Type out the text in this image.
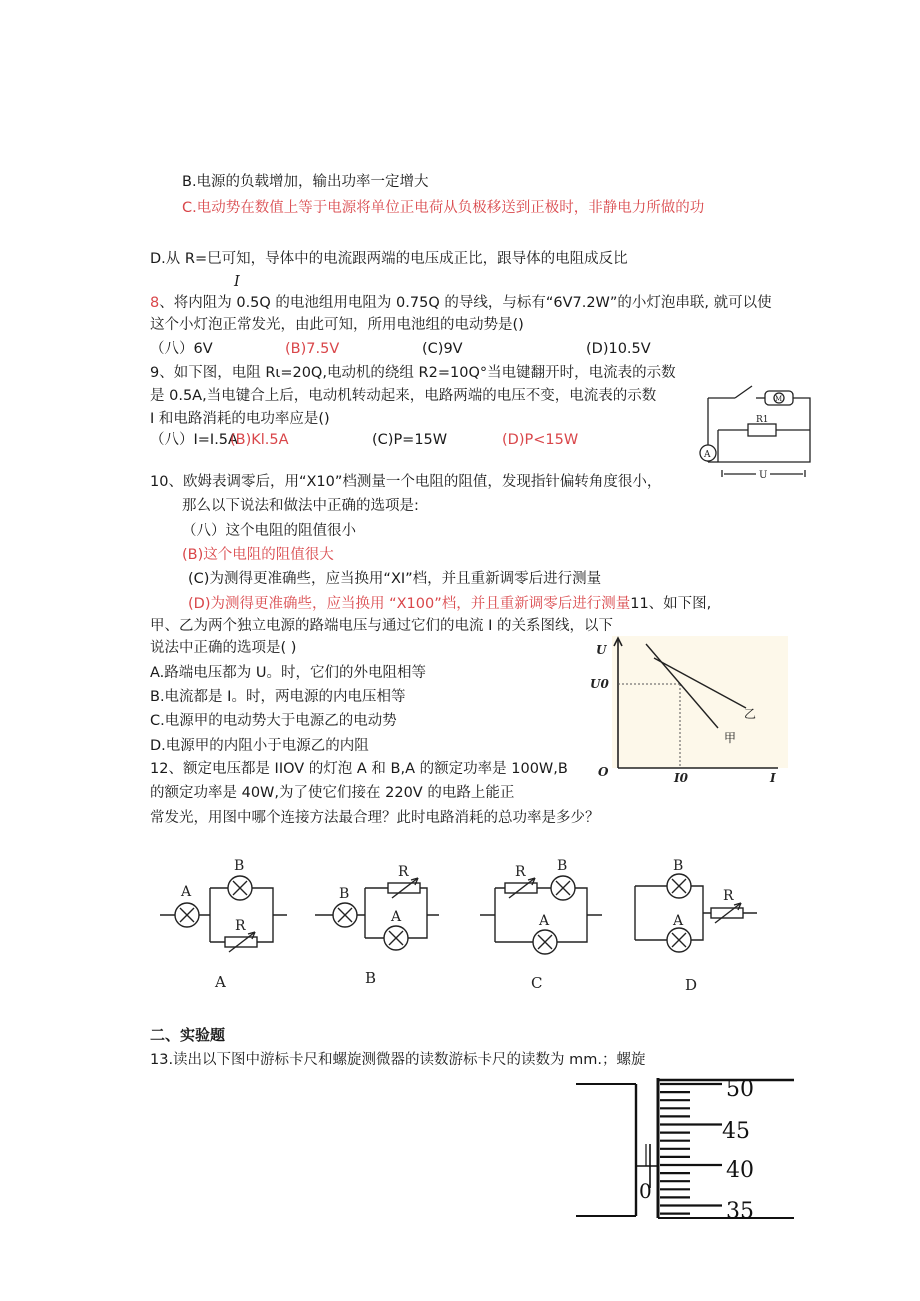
B.电源的负载增加，输出功率一定增大
C.电动势在数值上等于电源将单位正电荷从负极移送到正极时，非静电力所做的功
D.从 R=巳可知，导体中的电流跟两端的电压成正比，跟导体的电阻成反比
I
8、将内阻为 0.5Q 的电池组用电阻为 0.75Q 的导线，与标有“6V7.2W”的小灯泡串联, 就可以使
这个小灯泡正常发光，由此可知，所用电池组的电动势是()
（八）6V	(B)7.5V	(C)9V	(D)10.5V
9、如下图，电阻 Rι=20Q,电动机的绕组 R2=10Q°当电键翻开时，电流表的示数
是 0.5A,当电键合上后，电动机转动起来，电路两端的电压不变，电流表的示数
I 和电路消耗的电功率应是()
（八）I=I.5A
(B)Kl.5A	(C)P=15W	(D)P<15W
10、欧姆表调零后，用“X10”档测量一个电阻的阻值，发现指针偏转角度很小，
那么以下说法和做法中正确的选项是:
（八）这个电阻的阻值很小
(B)这个电阻的阻值很大
(C)为测得更准确些，应当换用“XI”档，并且重新调零后进行测量
(D)为测得更准确些，应当换用 “X100”档，并且重新调零后进行测量11、如下图,
甲、乙为两个独立电源的路端电压与通过它们的电流 I 的关系图线，以下
说法中正确的选项是( )
A.路端电压都为 U。时，它们的外电阻相等
B.电流都是 I。时，两电源的内电压相等
C.电源甲的电动势大于电源乙的电动势
D.电源甲的内阻小于电源乙的内阻
12、额定电压都是 IIOV 的灯泡 A 和 B,A 的额定功率是 100W,B
的额定功率是 40W,为了使它们接在 220V 的电路上能正
常发光，用图中哪个连接方法最合理？此时电路消耗的总功率是多少？
二、实验题
13.读出以下图中游标卡尺和螺旋测微器的读数游标卡尺的读数为 mm.；螺旋
R1
M
A
U
U
I
O
U0
I0
甲
乙
A
B
R
A
B
R
A
B
R B
A
C
B
A
R
D
50
45
40
35
0
